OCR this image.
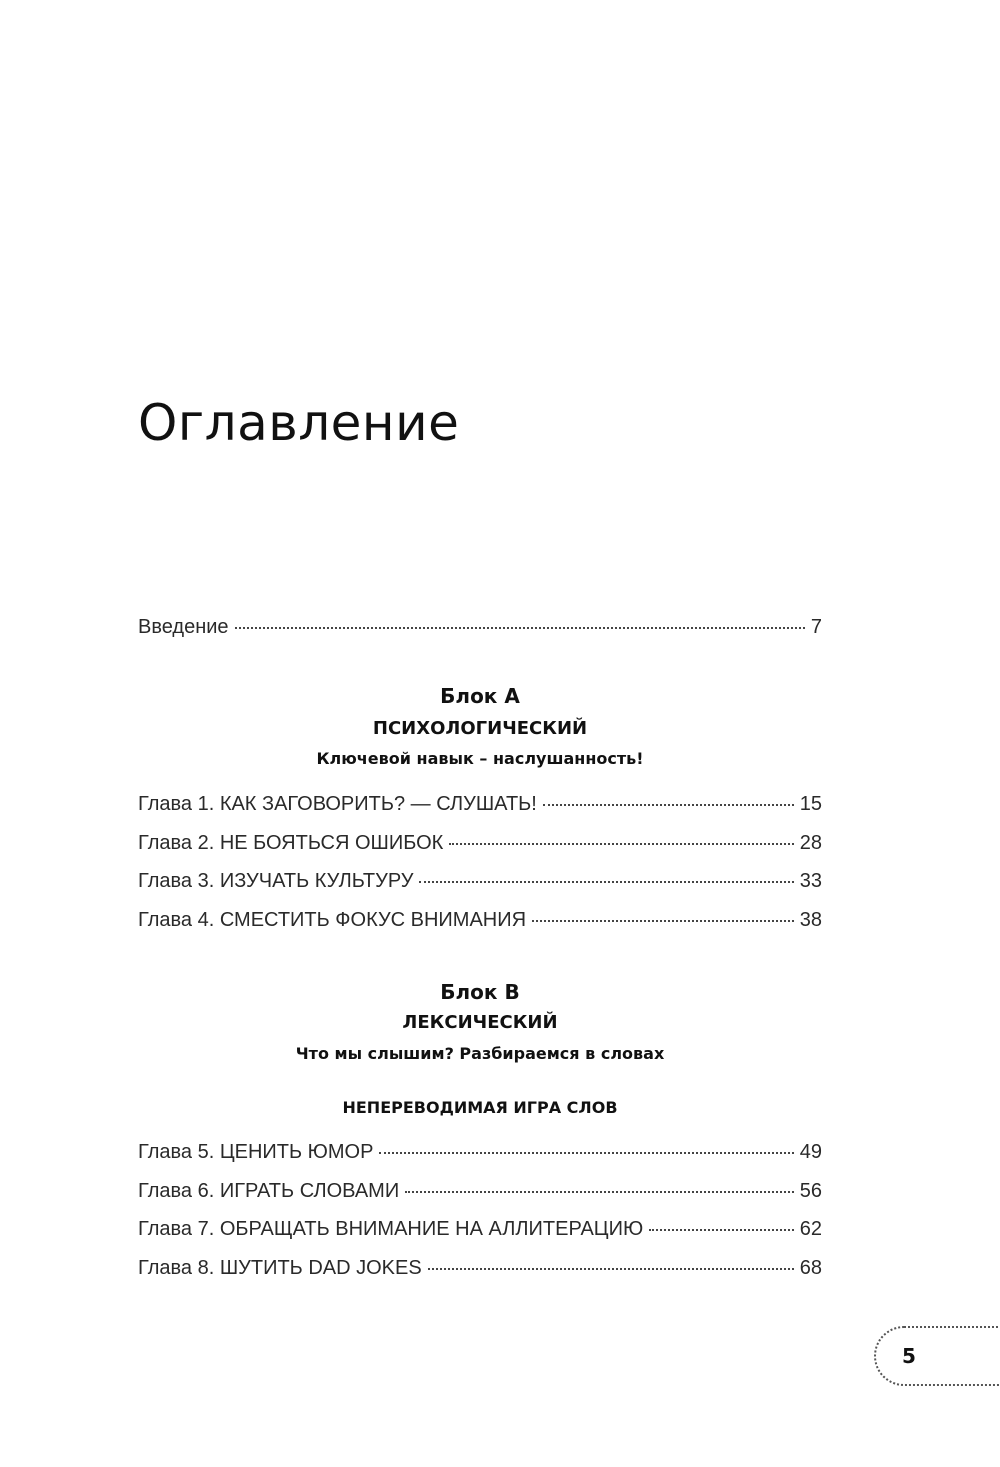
Оглавление
Введение	7

Блок A

ПСИХОЛОГИЧЕСКИЙ

Ключевой навык – наслушанность!

Глава 1. КАК ЗАГОВОРИТЬ? — СЛУШАТЬ!	15
Глава 2. НЕ БОЯТЬСЯ ОШИБОК	28
Глава 3. ИЗУЧАТЬ КУЛЬТУРУ	33
Глава 4. СМЕСТИТЬ ФОКУС ВНИМАНИЯ	38

Блок B

ЛЕКСИЧЕСКИЙ

Что мы слышим? Разбираемся в словах

НЕПЕРЕВОДИМАЯ ИГРА СЛОВ

Глава 5. ЦЕНИТЬ ЮМОР	49
Глава 6. ИГРАТЬ СЛОВАМИ	56
Глава 7. ОБРАЩАТЬ ВНИМАНИЕ НА АЛЛИТЕРАЦИЮ	62
Глава 8. ШУТИТЬ DAD JOKES	68
5
